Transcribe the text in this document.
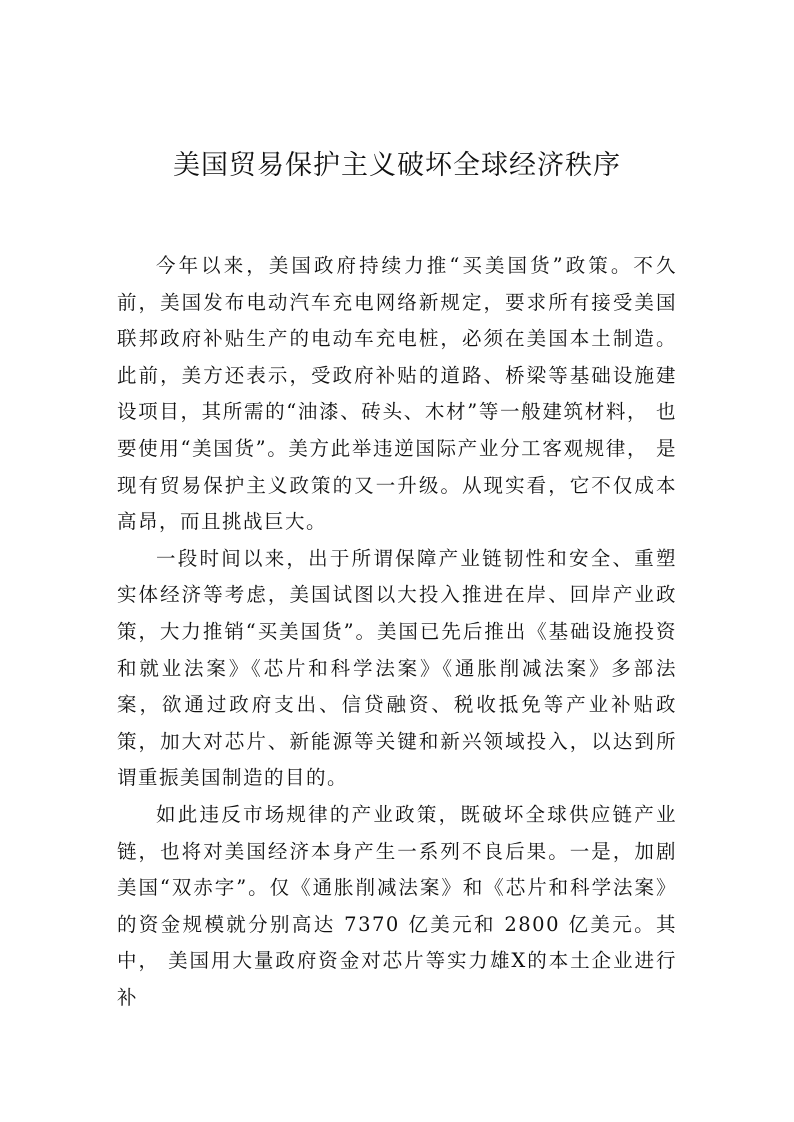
美国贸易保护主义破坏全球经济秩序

今年以来，美国政府持续力推“买美国货”政策。不久前，美国发布电动汽车充电网络新规定，要求所有接受美国联邦政府补贴生产的电动车充电桩，必须在美国本土制造。 此前，美方还表示，受政府补贴的道路、桥梁等基础设施建设项目，其所需的“油漆、砖头、木材”等一般建筑材料， 也要使用“美国货”。美方此举违逆国际产业分工客观规律， 是现有贸易保护主义政策的又一升级。从现实看，它不仅成本高昂，而且挑战巨大。

一段时间以来，出于所谓保障产业链韧性和安全、重塑实体经济等考虑，美国试图以大投入推进在岸、回岸产业政策，大力推销“买美国货”。美国已先后推出《基础设施投资和就业法案》《芯片和科学法案》《通胀削减法案》多部法案，欲通过政府支出、信贷融资、税收抵免等产业补贴政策，加大对芯片、新能源等关键和新兴领域投入，以达到所谓重振美国制造的目的。

如此违反市场规律的产业政策，既破坏全球供应链产业链，也将对美国经济本身产生一系列不良后果。一是，加剧美国“双赤字”。仅《通胀削减法案》和《芯片和科学法案》的资金规模就分别高达 7370 亿美元和 2800 亿美元。其中， 美国用大量政府资金对芯片等实力雄X的本土企业进行补
